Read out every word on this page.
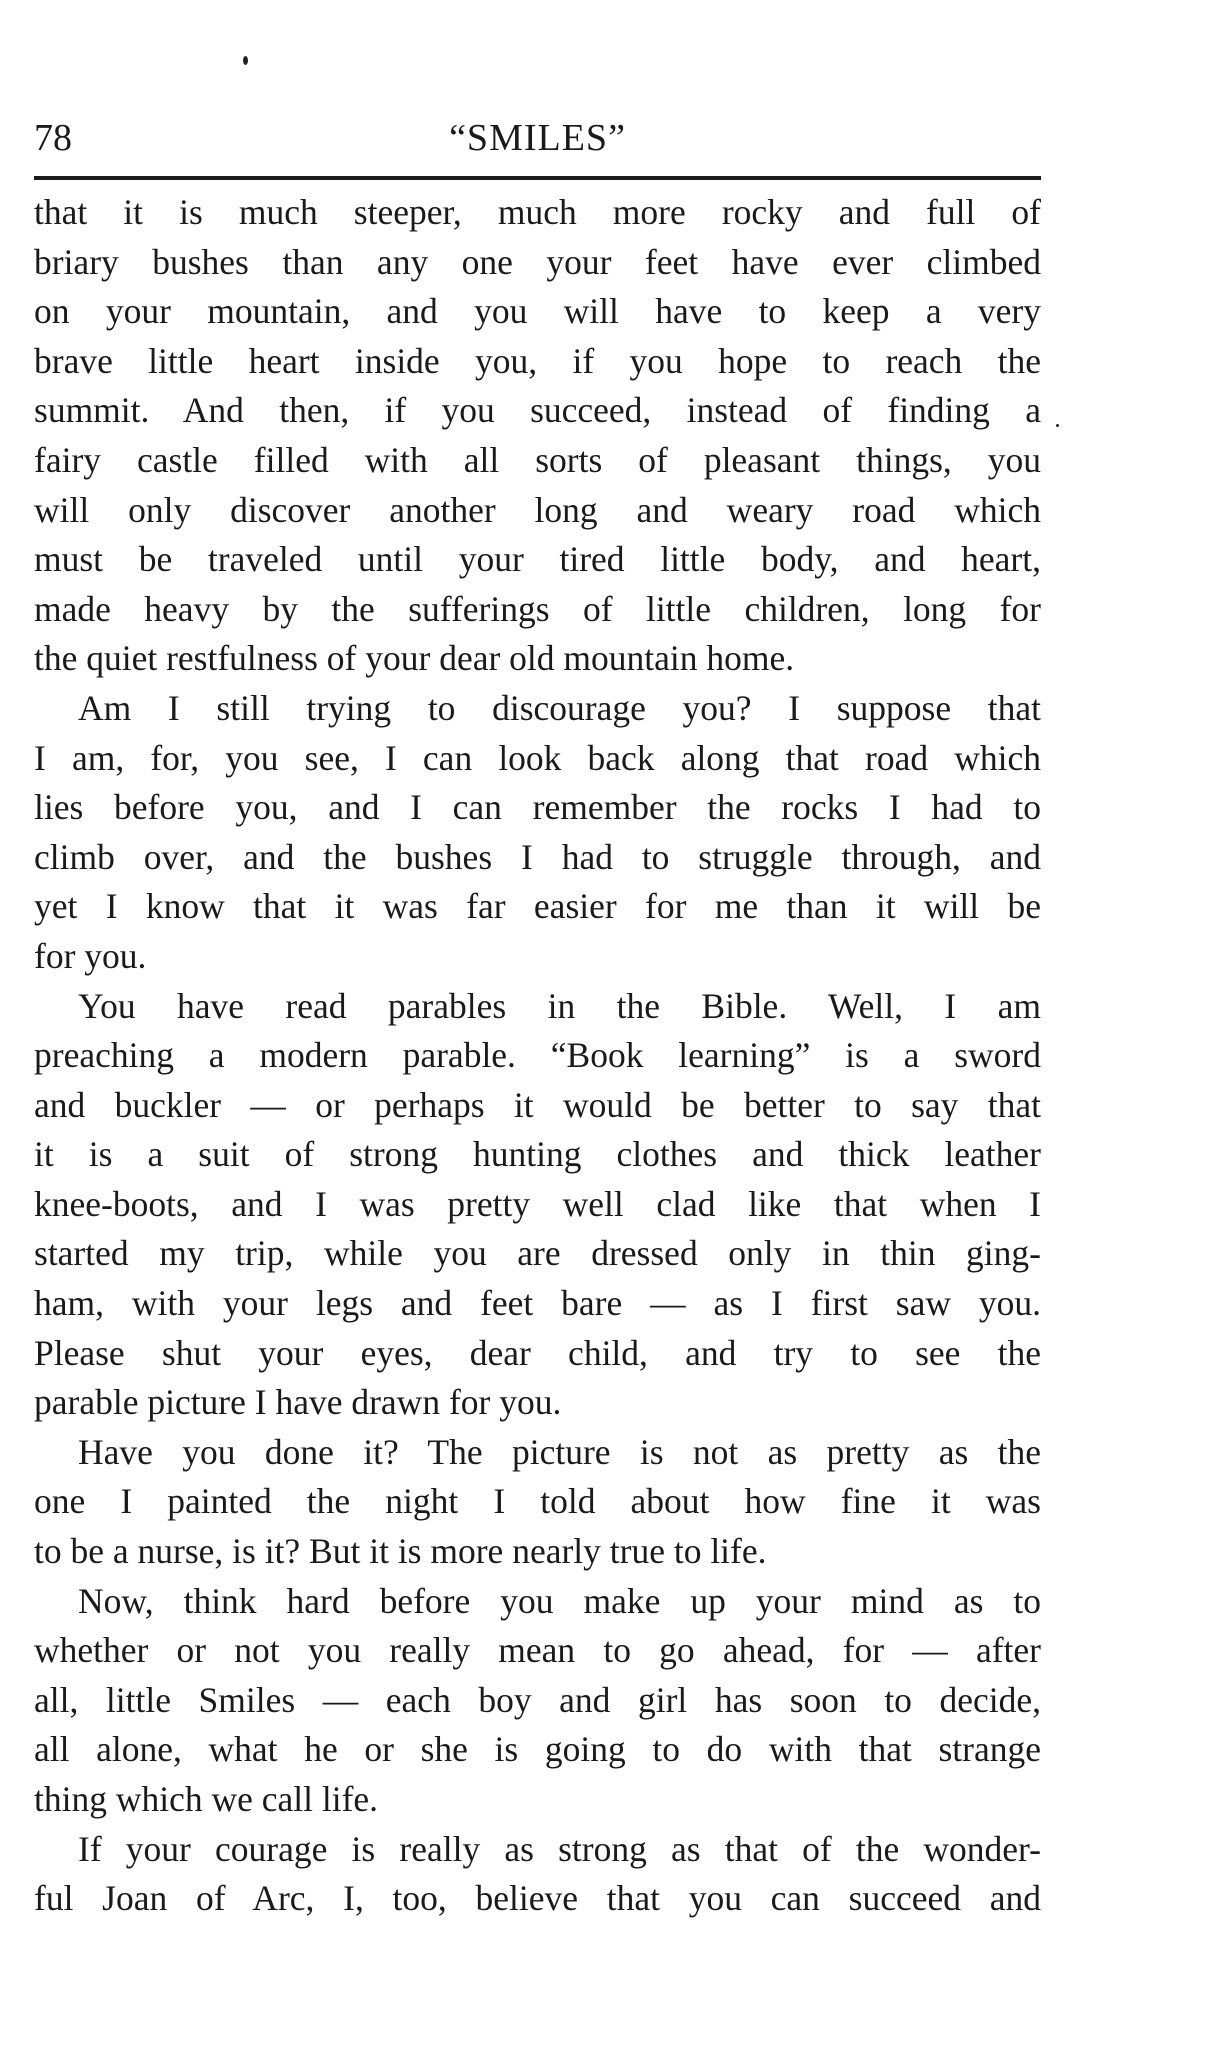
78	“SMILES”
that it is much steeper, much more rocky and full of
briary bushes than any one your feet have ever climbed
on your mountain, and you will have to keep a very
brave little heart inside you, if you hope to reach the
summit. And then, if you succeed, instead of finding a
fairy castle filled with all sorts of pleasant things, you
will only discover another long and weary road which
must be traveled until your tired little body, and heart,
made heavy by the sufferings of little children, long for
the quiet restfulness of your dear old mountain home.
Am I still trying to discourage you? I suppose that
I am, for, you see, I can look back along that road which
lies before you, and I can remember the rocks I had to
climb over, and the bushes I had to struggle through, and
yet I know that it was far easier for me than it will be
for you.
You have read parables in the Bible. Well, I am
preaching a modern parable. “Book learning” is a sword
and buckler — or perhaps it would be better to say that
it is a suit of strong hunting clothes and thick leather
knee-boots, and I was pretty well clad like that when I
started my trip, while you are dressed only in thin ging-
ham, with your legs and feet bare — as I first saw you.
Please shut your eyes, dear child, and try to see the
parable picture I have drawn for you.
Have you done it? The picture is not as pretty as the
one I painted the night I told about how fine it was
to be a nurse, is it? But it is more nearly true to life.
Now, think hard before you make up your mind as to
whether or not you really mean to go ahead, for — after
all, little Smiles — each boy and girl has soon to decide,
all alone, what he or she is going to do with that strange
thing which we call life.
If your courage is really as strong as that of the wonder-
ful Joan of Arc, I, too, believe that you can succeed and
